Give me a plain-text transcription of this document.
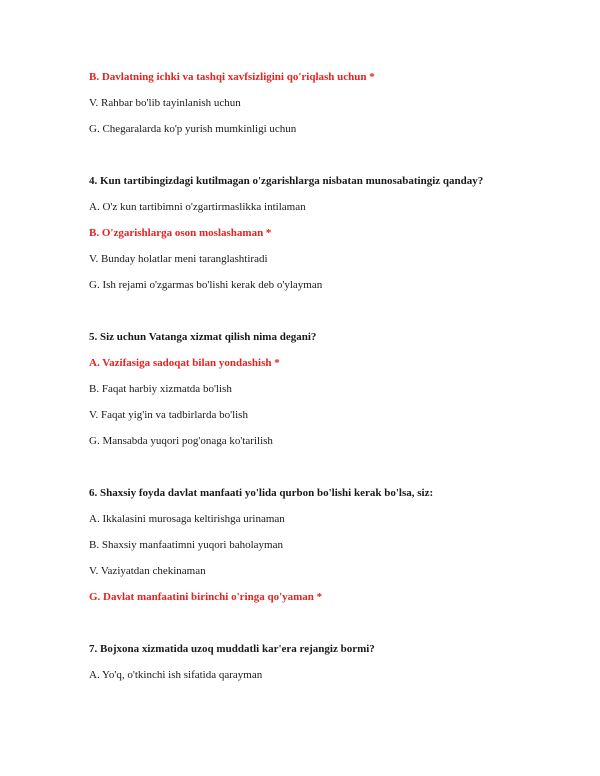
B. Davlatning ichki va tashqi xavfsizligini qo'riqlash uchun *
V. Rahbar bo'lib tayinlanish uchun
G. Chegaralarda ko'p yurish mumkinligi uchun
4. Kun tartibingizdagi kutilmagan o'zgarishlarga nisbatan munosabatingiz qanday?
A. O'z kun tartibimni o'zgartirmaslikka intilaman
B. O'zgarishlarga oson moslashaman *
V. Bunday holatlar meni taranglashtiradi
G. Ish rejami o'zgarmas bo'lishi kerak deb o'ylayman
5. Siz uchun Vatanga xizmat qilish nima degani?
A. Vazifasiga sadoqat bilan yondashish *
B. Faqat harbiy xizmatda bo'lish
V. Faqat yig'in va tadbirlarda bo'lish
G. Mansabda yuqori pog'onaga ko'tarilish
6. Shaxsiy foyda davlat manfaati yo'lida qurbon bo'lishi kerak bo'lsa, siz:
A. Ikkalasini murosaga keltirishga urinaman
B. Shaxsiy manfaatimni yuqori baholayman
V. Vaziyatdan chekinaman
G. Davlat manfaatini birinchi o'ringa qo'yaman *
7. Bojxona xizmatida uzoq muddatli kar'era rejangiz bormi?
A. Yo'q, o'tkinchi ish sifatida qarayman
